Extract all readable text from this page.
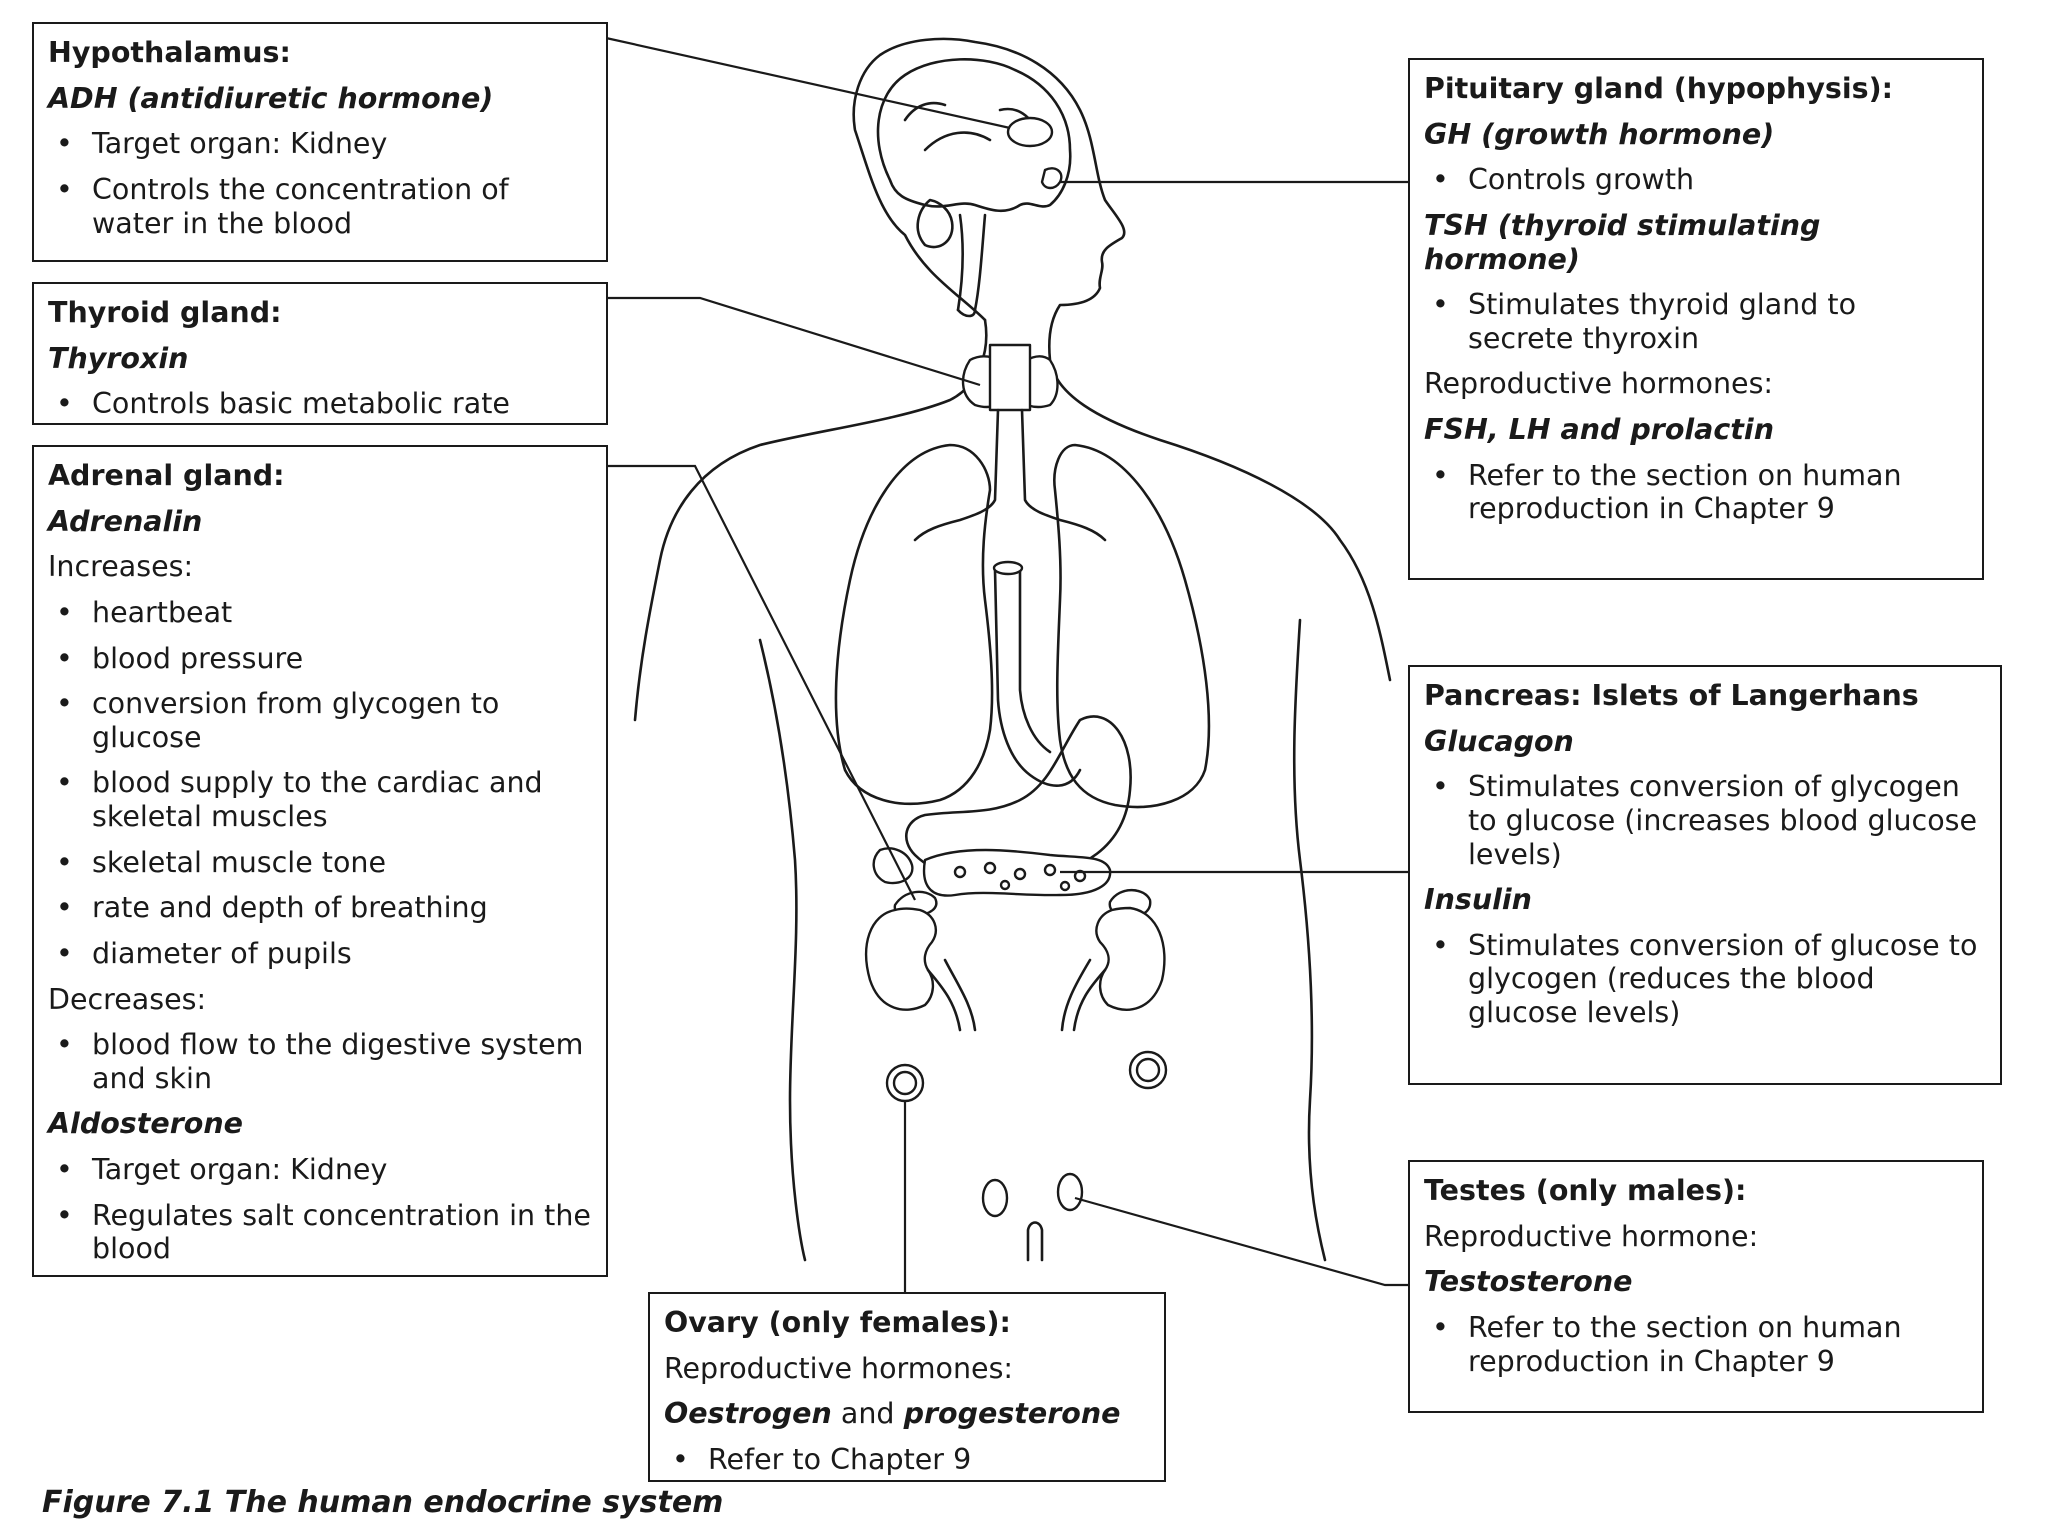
Hypothalamus:
ADH (antidiuretic hormone)
• Target organ: Kidney
• Controls the concentration of water in the blood
Thyroid gland:
Thyroxin
• Controls basic metabolic rate
Adrenal gland:
Adrenalin
Increases:
• heartbeat
• blood pressure
• conversion from glycogen to glucose
• blood supply to the cardiac and skeletal muscles
• skeletal muscle tone
• rate and depth of breathing
• diameter of pupils
Decreases:
• blood flow to the digestive system and skin
Aldosterone
• Target organ: Kidney
• Regulates salt concentration in the blood
Pituitary gland (hypophysis):
GH (growth hormone)
• Controls growth
TSH (thyroid stimulating hormone)
• Stimulates thyroid gland to secrete thyroxin
Reproductive hormones:
FSH, LH and prolactin
• Refer to the section on human reproduction in Chapter 9
Pancreas: Islets of Langerhans
Glucagon
• Stimulates conversion of glycogen to glucose (increases blood glucose levels)
Insulin
• Stimulates conversion of glucose to glycogen (reduces the blood glucose levels)
Testes (only males):
Reproductive hormone:
Testosterone
• Refer to the section on human reproduction in Chapter 9
Ovary (only females):
Reproductive hormones:
Oestrogen and progesterone
• Refer to Chapter 9
Figure 7.1 The human endocrine system
